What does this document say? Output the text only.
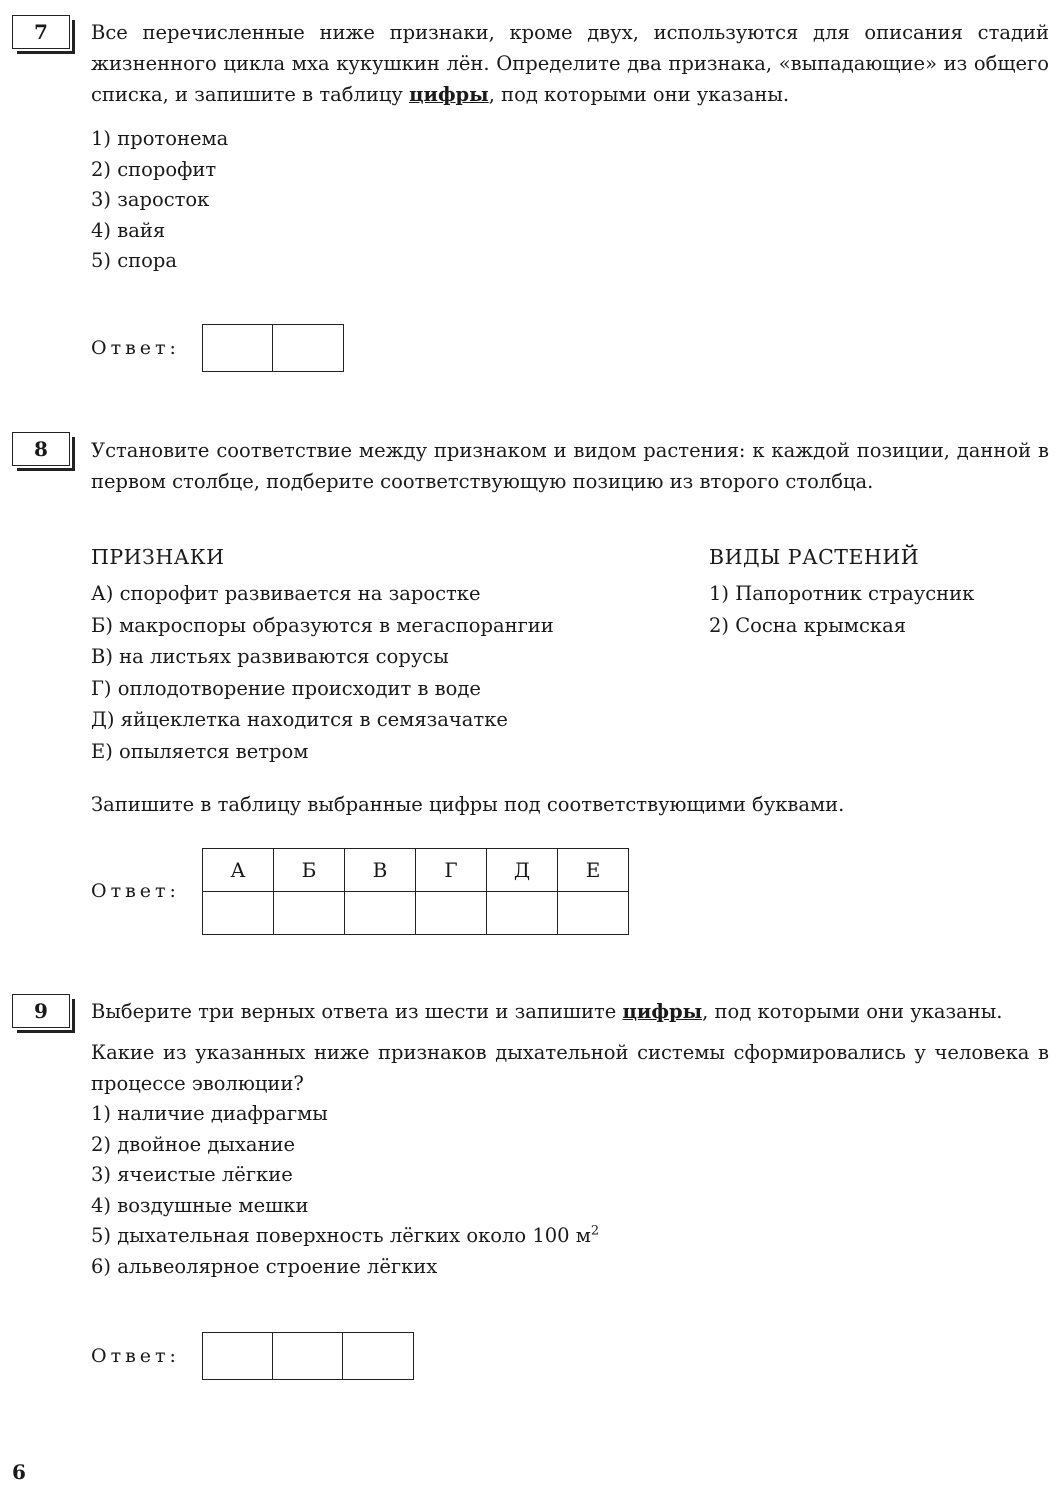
7	Все перечисленные ниже признаки, кроме двух, используются для описания стадий жизненного цикла мха кукушкин лён. Определите два признака, «выпадающие» из общего списка, и запишите в таблицу цифры, под которыми они указаны.

1) протонема
2) спорофит
3) заросток
4) вайя
5) спора
Ответ:
8	Установите соответствие между признаком и видом растения: к каждой позиции, данной в первом столбце, подберите соответствующую позицию из второго столбца.

ПРИЗНАКИ
А) спорофит развивается на заростке
Б) макроспоры образуются в мегаспорангии
В) на листьях развиваются сорусы
Г) оплодотворение происходит в воде
Д) яйцеклетка находится в семязачатке
Е) опыляется ветром
ВИДЫ РАСТЕНИЙ
1) Папоротник страусник
2) Сосна крымская

Запишите в таблицу выбранные цифры под соответствующими буквами.

Ответ:
А	Б	В	Г	Д	Е

9	Выберите три верных ответа из шести и запишите цифры, под которыми они указаны.

Какие из указанных ниже признаков дыхательной системы сформировались у человека в процессе эволюции?

1) наличие диафрагмы
2) двойное дыхание
3) ячеистые лёгкие
4) воздушные мешки
5) дыхательная поверхность лёгких около 100 $м^2$
6) альвеолярное строение лёгких
Ответ:
6
